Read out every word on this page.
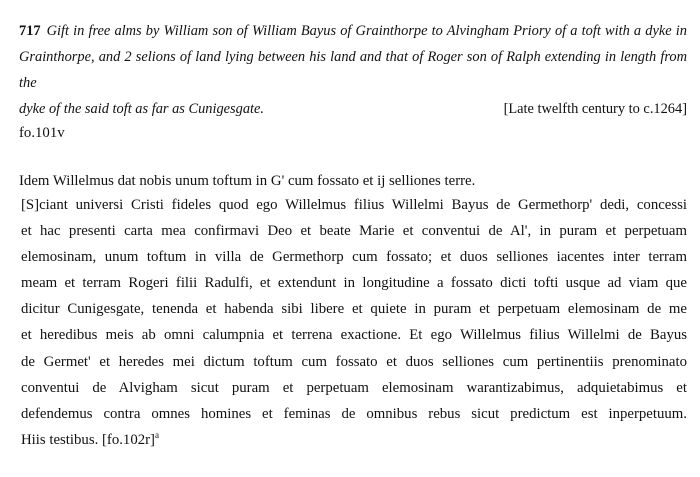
717 Gift in free alms by William son of William Bayus of Grainthorpe to Alvingham Priory of a toft with a dyke in
Grainthorpe, and 2 selions of land lying between his land and that of Roger son of Ralph extending in length from the
dyke of the said toft as far as Cunigesgate.	[Late twelfth century to c.1264]
fo.101v
Idem Willelmus dat nobis unum toftum in G' cum fossato et ij selliones terre.
[S]ciant universi Cristi fideles quod ego Willelmus filius Willelmi Bayus de Germethorp' dedi, concessi
et hac presenti carta mea confirmavi Deo et beate Marie et conventui de Al', in puram et perpetuam
elemosinam, unum toftum in villa de Germethorp cum fossato; et duos selliones iacentes inter terram
meam et terram Rogeri filii Radulfi, et extendunt in longitudine a fossato dicti tofti usque ad viam que
dicitur Cunigesgate, tenenda et habenda sibi libere et quiete in puram et perpetuam elemosinam de me
et heredibus meis ab omni calumpnia et terrena exactione. Et ego Willelmus filius Willelmi de Bayus
de Germet' et heredes mei dictum toftum cum fossato et duos selliones cum pertinentiis prenominato
conventui de Alvigham sicut puram et perpetuam elemosinam warantizabimus, adquietabimus et
defendemus contra omnes homines et feminas de omnibus rebus sicut predictum est inperpetuum.
Hiis testibus. $[fo.102r]^a$
